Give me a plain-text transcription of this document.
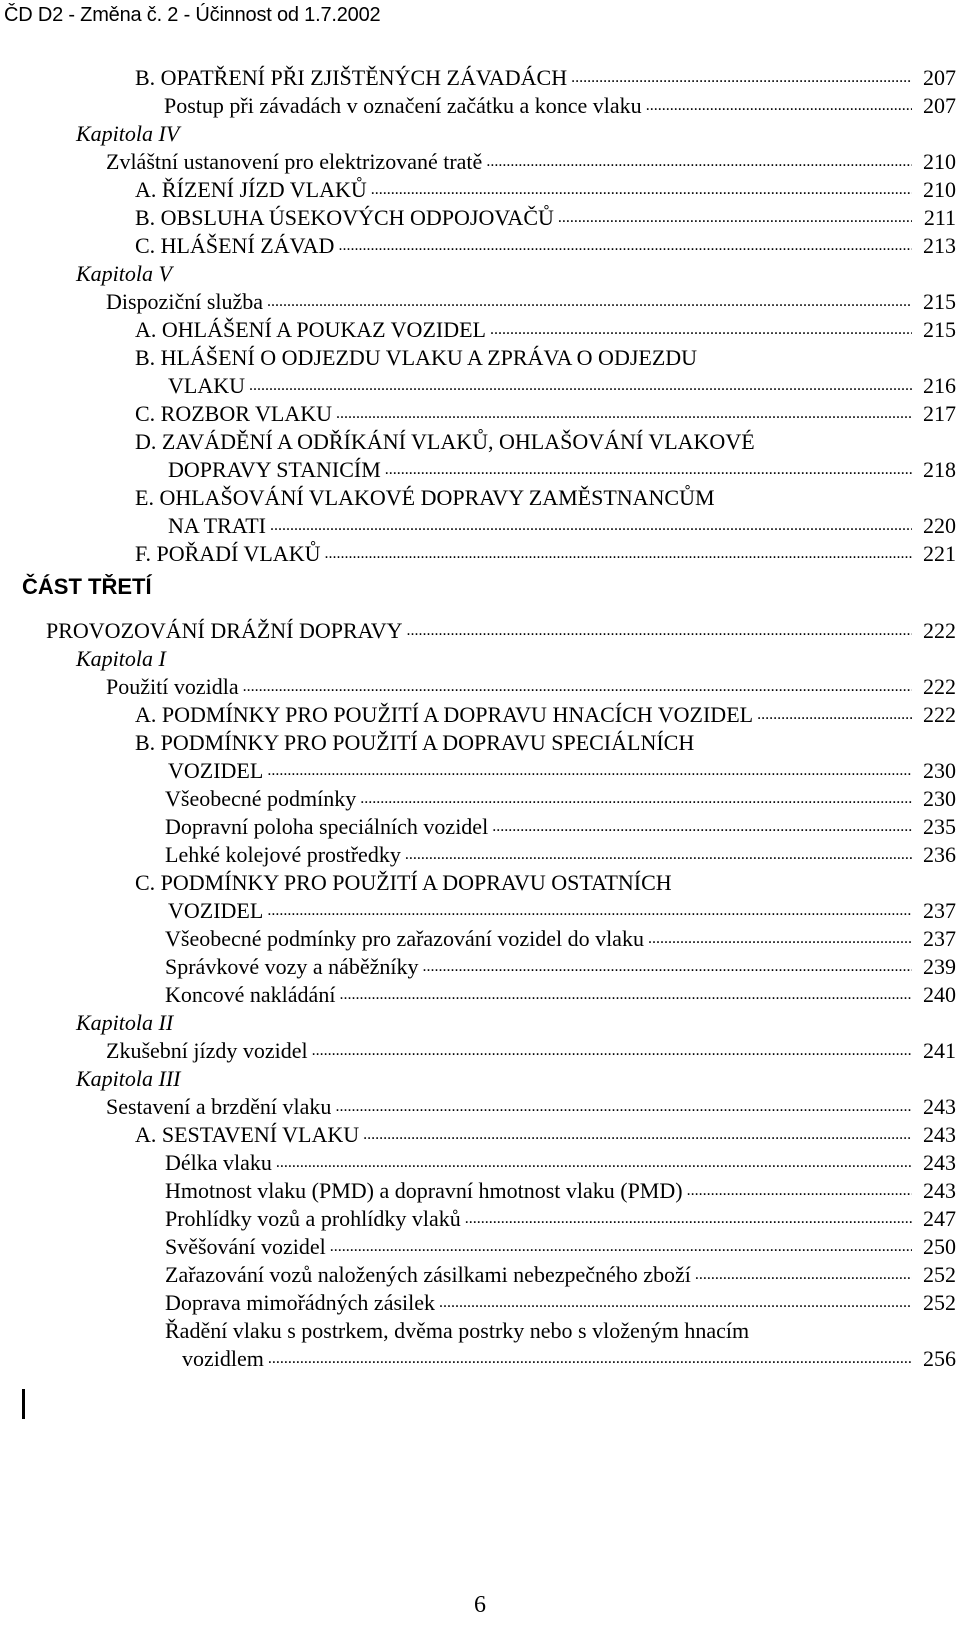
ČD D2 - Změna č. 2 - Účinnost od 1.7.2002
B. OPATŘENÍ PŘI ZJIŠTĚNÝCH ZÁVADÁCH .....	207
Postup při závadách v označení začátku a konce vlaku .....	207
Kapitola IV
Zvláštní ustanovení pro elektrizované tratě .....	210
A. ŘÍZENÍ JÍZD VLAKŮ .....	210
B. OBSLUHA ÚSEKOVÝCH ODPOJOVAČŮ .....	211
C. HLÁŠENÍ ZÁVAD .....	213
Kapitola V
Dispoziční služba .....	215
A. OHLÁŠENÍ A POUKAZ VOZIDEL .....	215
B. HLÁŠENÍ O ODJEZDU VLAKU A ZPRÁVA O ODJEZDU
VLAKU .....	216
C. ROZBOR VLAKU .....	217
D. ZAVÁDĚNÍ A ODŘÍKÁNÍ VLAKŮ, OHLAŠOVÁNÍ VLAKOVÉ
DOPRAVY STANICÍM .....	218
E. OHLAŠOVÁNÍ VLAKOVÉ DOPRAVY ZAMĚSTNANCŮM
NA TRATI .....	220
F. POŘADÍ VLAKŮ .....	221
ČÁST TŘETÍ
PROVOZOVÁNÍ DRÁŽNÍ DOPRAVY .....	222
Kapitola I
Použití vozidla .....	222
A. PODMÍNKY PRO POUŽITÍ A DOPRAVU HNACÍCH VOZIDEL .....	222
B. PODMÍNKY PRO POUŽITÍ A DOPRAVU SPECIÁLNÍCH
VOZIDEL .....	230
Všeobecné podmínky .....	230
Dopravní poloha speciálních vozidel .....	235
Lehké kolejové prostředky .....	236
C. PODMÍNKY PRO POUŽITÍ A DOPRAVU OSTATNÍCH
VOZIDEL .....	237
Všeobecné podmínky pro zařazování vozidel do vlaku .....	237
Správkové vozy a náběžníky .....	239
Koncové nakládání .....	240
Kapitola II
Zkušební jízdy vozidel .....	241
Kapitola III
Sestavení a brzdění vlaku .....	243
A. SESTAVENÍ VLAKU .....	243
Délka vlaku .....	243
Hmotnost vlaku (PMD) a dopravní hmotnost vlaku (PMD) .....	243
Prohlídky vozů a prohlídky vlaků .....	247
Svěšování vozidel .....	250
Zařazování vozů naložených zásilkami nebezpečného zboží .....	252
Doprava mimořádných zásilek .....	252
Řadění vlaku s postrkem, dvěma postrky nebo s vloženým hnacím
vozidlem .....	256
6
